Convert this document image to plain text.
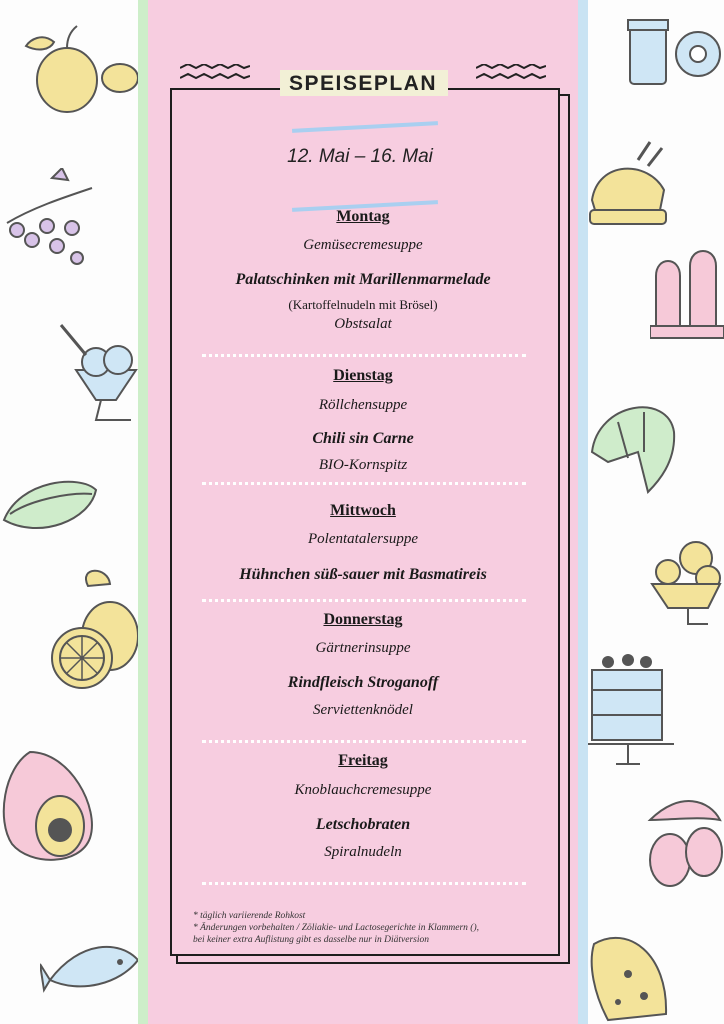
SPEISEPLAN
12. Mai – 16. Mai
Montag
Gemüsecremesuppe
Palatschinken mit Marillenmarmelade
(Kartoffelnudeln mit Brösel)
Obstsalat
Dienstag
Röllchensuppe
Chili sin Carne
BIO-Kornspitz
Mittwoch
Polentatalersuppe
Hühnchen süß-sauer mit Basmatireis
Donnerstag
Gärtnerinsuppe
Rindfleisch Stroganoff
Serviettenknödel
Freitag
Knoblauchcremesuppe
Letschobraten
Spiralnudeln
* täglich variierende Rohkost
* Änderungen vorbehalten / Zöliakie- und Lactosegerichte in Klammern (),
bei keiner extra Auflistung gibt es dasselbe nur in Diätversion
